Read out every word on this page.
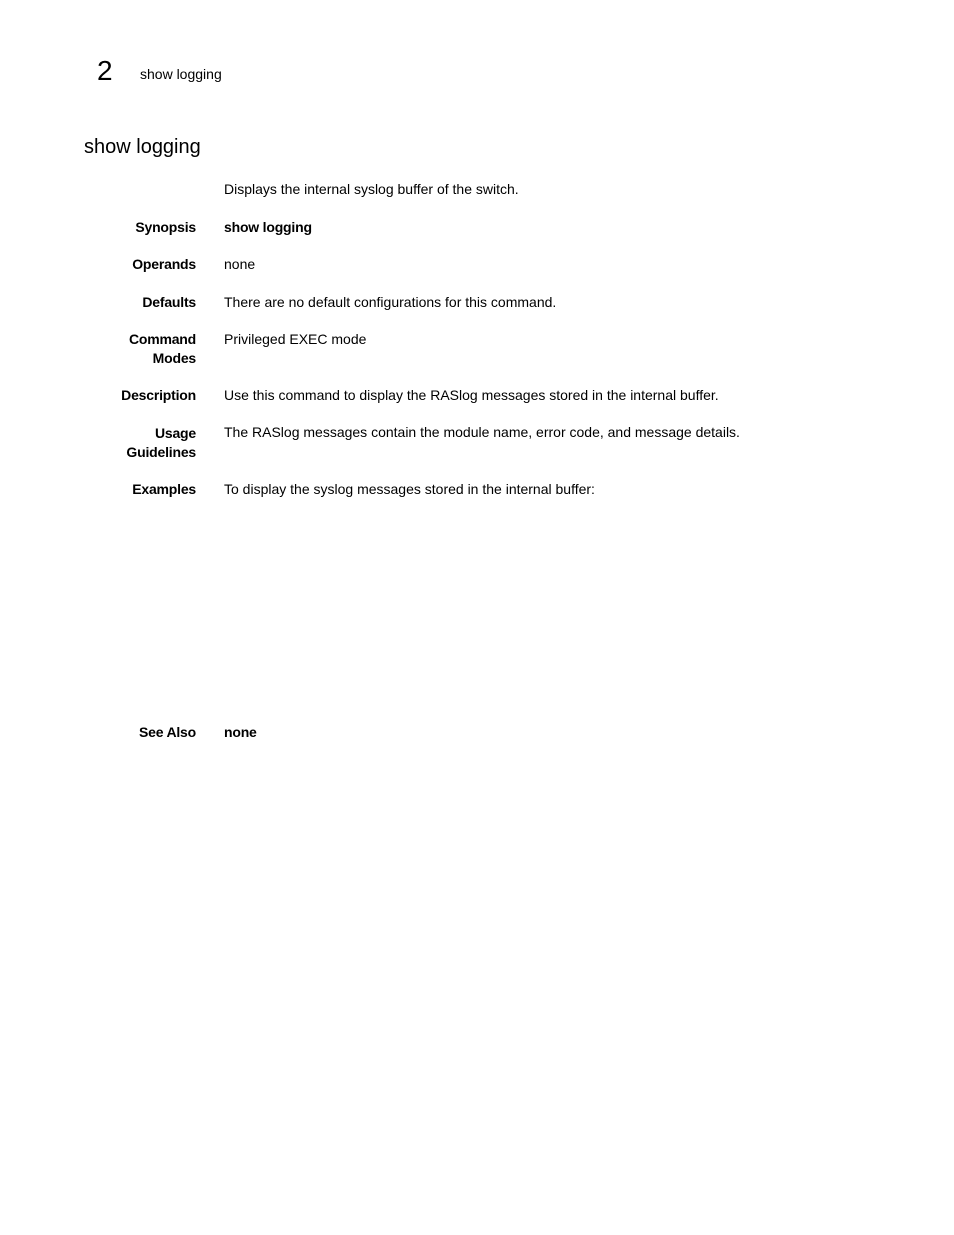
2 show logging
show logging
Displays the internal syslog buffer of the switch.
Synopsis show logging
Operands none
Defaults There are no default configurations for this command.
Command
Modes
Privileged EXEC mode
Description Use this command to display the RASlog messages stored in the internal buffer.
Usage
Guidelines
The RASlog messages contain the module name, error code, and message details.
Examples To display the syslog messages stored in the internal buffer:
See Also none
